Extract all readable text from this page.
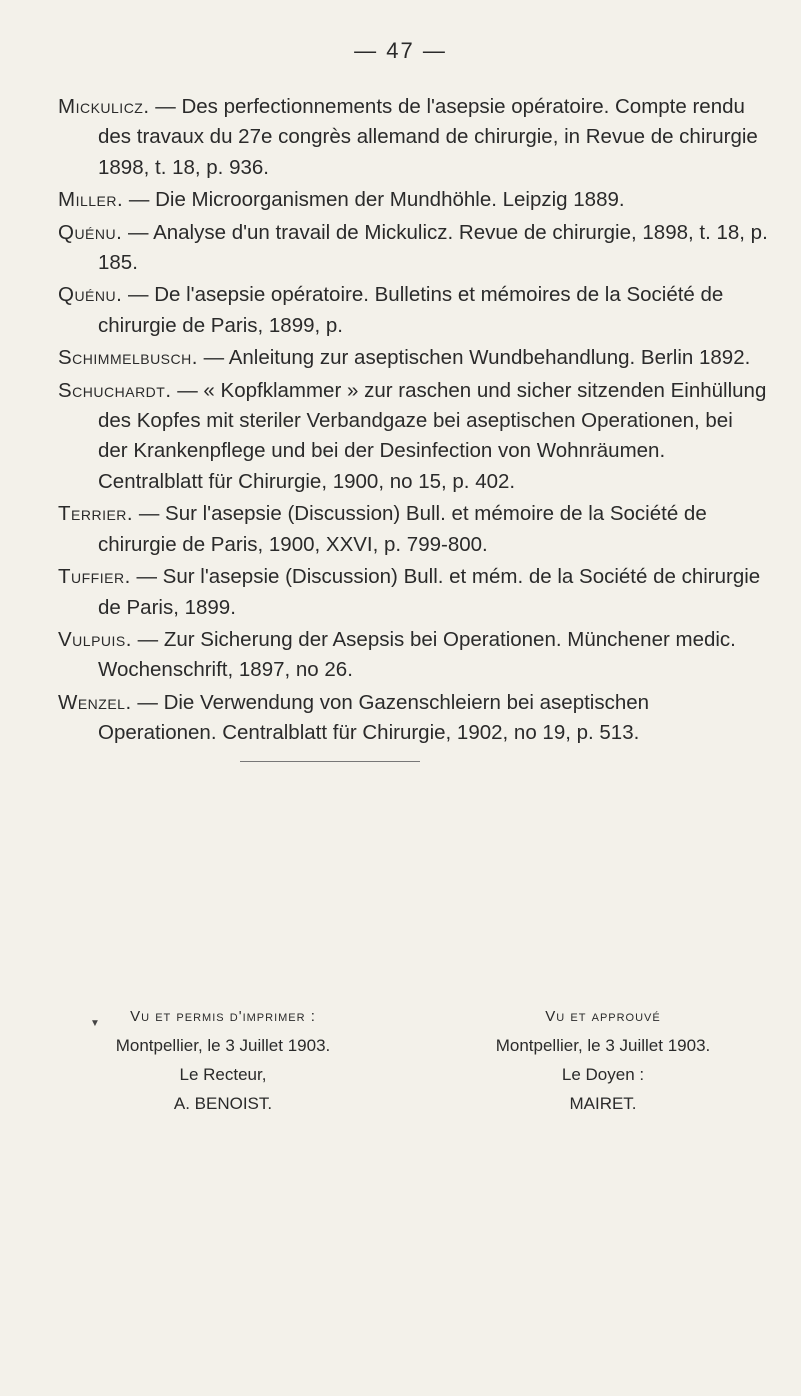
— 47 —

Mickulicz. — Des perfectionnements de l'asepsie opératoire. Compte rendu des travaux du 27e congrès allemand de chirurgie, in Revue de chirurgie 1898, t. 18, p. 936.

Miller. — Die Microorganismen der Mundhöhle. Leipzig 1889.

Quénu. — Analyse d'un travail de Mickulicz. Revue de chirurgie, 1898, t. 18, p. 185.

Quénu. — De l'asepsie opératoire. Bulletins et mémoires de la Société de chirurgie de Paris, 1899, p.

Schimmelbusch. — Anleitung zur aseptischen Wundbehandlung. Berlin 1892.

Schuchardt. — « Kopfklammer » zur raschen und sicher sitzenden Einhüllung des Kopfes mit steriler Verbandgaze bei aseptischen Operationen, bei der Krankenpflege und bei der Desinfection von Wohnräumen. Centralblatt für Chirurgie, 1900, no 15, p. 402.

Terrier. — Sur l'asepsie (Discussion) Bull. et mémoire de la Société de chirurgie de Paris, 1900, XXVI, p. 799-800.

Tuffier. — Sur l'asepsie (Discussion) Bull. et mém. de la Société de chirurgie de Paris, 1899.

Vulpuis. — Zur Sicherung der Asepsis bei Operationen. Münchener medic. Wochenschrift, 1897, no 26.

Wenzel. — Die Verwendung von Gazenschleiern bei aseptischen Operationen. Centralblatt für Chirurgie, 1902, no 19, p. 513.

Vu et permis d'imprimer :
Montpellier, le 3 Juillet 1903.
Le Recteur,
A. BENOIST.
Vu et approuvé
Montpellier, le 3 Juillet 1903.
Le Doyen :
MAIRET.
▼
